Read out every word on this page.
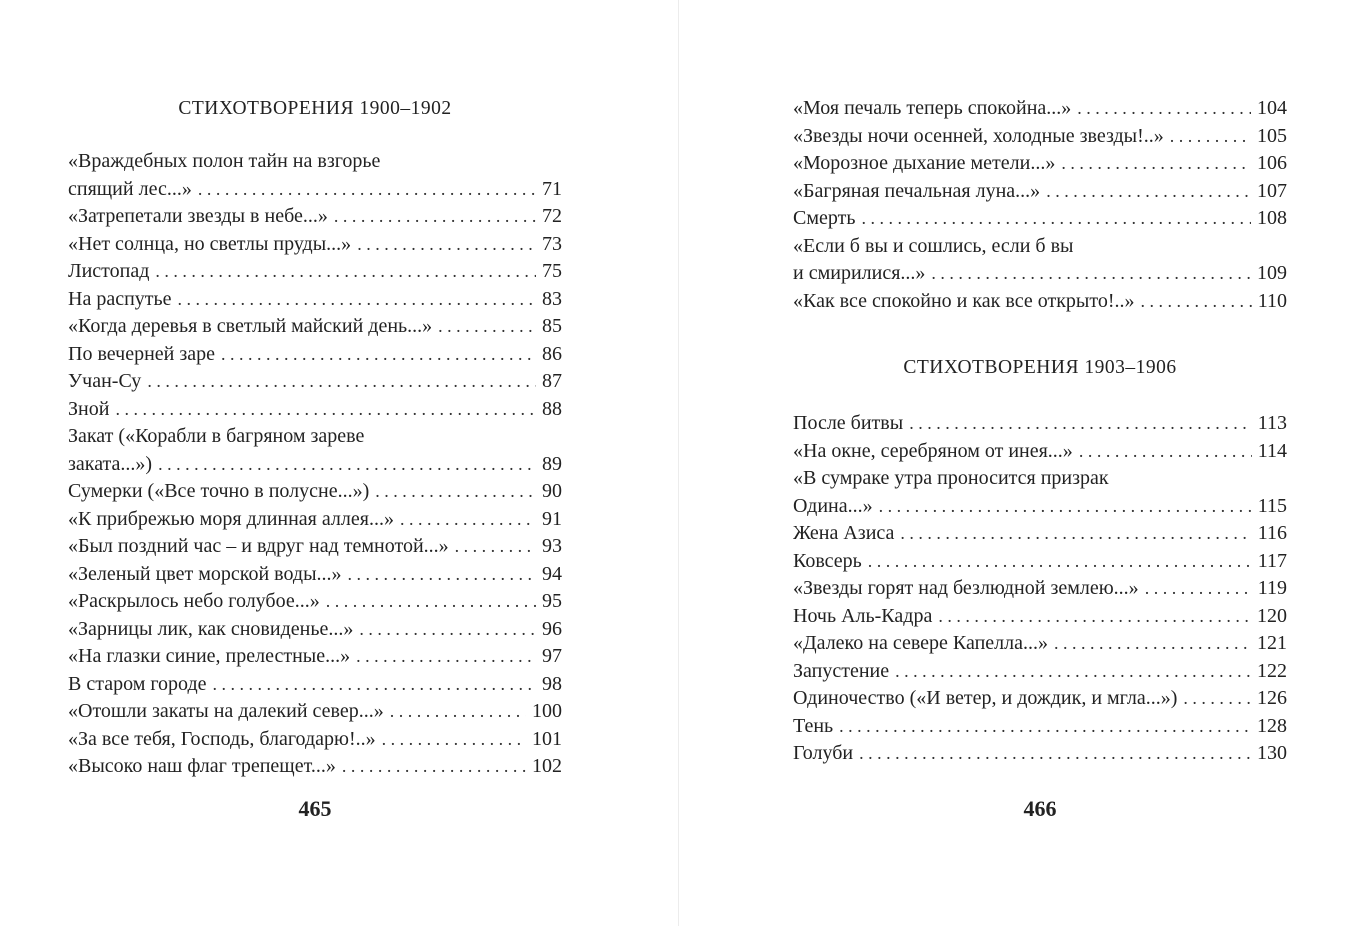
СТИХОТВОРЕНИЯ 1900–1902
«Враждебных полон тайн на взгорье
спящий лес...» . . .	71
«Затрепетали звезды в небе...» . . .	72
«Нет солнца, но светлы пруды...» . . .	73
Листопад . . .	75
На распутье . . .	83
«Когда деревья в светлый майский день...» . . .	85
По вечерней заре . . .	86
Учан-Су . . .	87
Зной . . .	88
Закат («Корабли в багряном зареве
заката...») . . .	89
Сумерки («Все точно в полусне...») . . .	90
«К прибрежью моря длинная аллея...» . . .	91
«Был поздний час – и вдруг над темнотой...» . . .	93
«Зеленый цвет морской воды...» . . .	94
«Раскрылось небо голубое...» . . .	95
«Зарницы лик, как сновиденье...» . . .	96
«На глазки синие, прелестные...» . . .	97
В старом городе . . .	98
«Отошли закаты на далекий север...» . . .	100
«За все тебя, Господь, благодарю!..» . . .	101
«Высоко наш флаг трепещет...» . . .	102
465
«Моя печаль теперь спокойна...» . . .	104
«Звезды ночи осенней, холодные звезды!..» . . .	105
«Морозное дыхание метели...» . . .	106
«Багряная печальная луна...» . . .	107
Смерть . . .	108
«Если б вы и сошлись, если б вы
и смирилися...» . . .	109
«Как все спокойно и как все открыто!..» . . .	110
СТИХОТВОРЕНИЯ 1903–1906
После битвы . . .	113
«На окне, серебряном от инея...» . . .	114
«В сумраке утра проносится призрак
Одина...» . . .	115
Жена Азиса . . .	116
Ковсерь . . .	117
«Звезды горят над безлюдной землею...» . . .	119
Ночь Аль-Кадра . . .	120
«Далеко на севере Капелла...» . . .	121
Запустение . . .	122
Одиночество («И ветер, и дождик, и мгла...») . . .	126
Тень . . .	128
Голуби . . .	130
466
